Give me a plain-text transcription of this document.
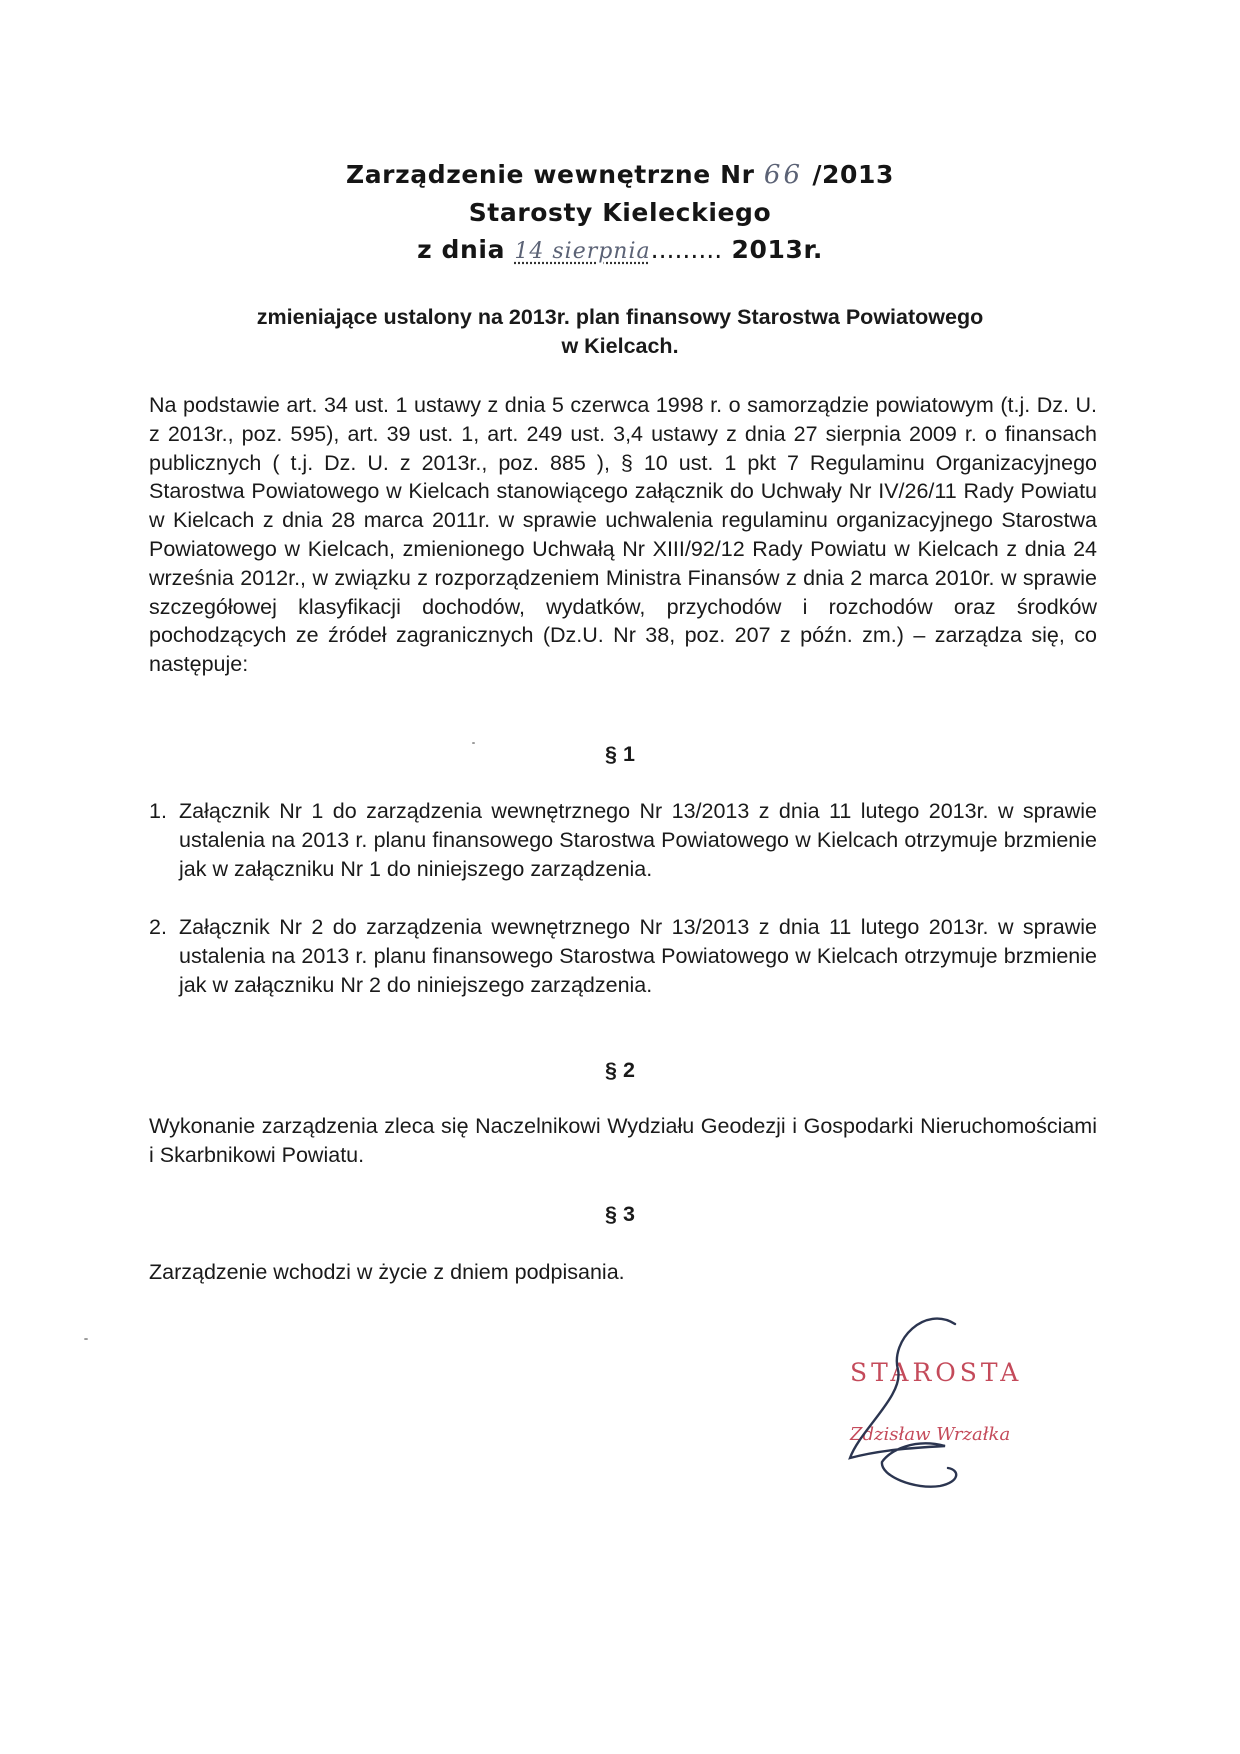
Zarządzenie wewnętrzne Nr 66 /2013
Starosty Kieleckiego
z dnia 14 sierpnia......... 2013r.
zmieniające ustalony na 2013r. plan finansowy Starostwa Powiatowego
w Kielcach.
Na podstawie art. 34 ust. 1 ustawy z dnia 5 czerwca 1998 r. o samorządzie powiatowym (t.j. Dz. U. z 2013r., poz. 595), art. 39 ust. 1, art. 249 ust. 3,4 ustawy z dnia 27 sierpnia 2009 r. o finansach publicznych ( t.j. Dz. U. z 2013r., poz. 885 ), § 10 ust. 1 pkt 7 Regulaminu Organizacyjnego Starostwa Powiatowego w Kielcach stanowiącego załącznik do Uchwały Nr IV/26/11 Rady Powiatu w Kielcach z dnia 28 marca 2011r. w sprawie uchwalenia regulaminu organizacyjnego Starostwa Powiatowego w Kielcach, zmienionego Uchwałą Nr XIII/92/12 Rady Powiatu w Kielcach z dnia 24 września 2012r., w związku z rozporządzeniem Ministra Finansów z dnia 2 marca 2010r. w sprawie szczegółowej klasyfikacji dochodów, wydatków, przychodów i rozchodów oraz środków pochodzących ze źródeł zagranicznych (Dz.U. Nr 38, poz. 207 z późn. zm.) – zarządza się, co następuje:
§ 1
1. Załącznik Nr 1 do zarządzenia wewnętrznego Nr 13/2013 z dnia 11 lutego 2013r. w sprawie ustalenia na 2013 r. planu finansowego Starostwa Powiatowego w Kielcach otrzymuje brzmienie jak w załączniku Nr 1 do niniejszego zarządzenia.
2. Załącznik Nr 2 do zarządzenia wewnętrznego Nr 13/2013 z dnia 11 lutego 2013r. w sprawie ustalenia na 2013 r. planu finansowego Starostwa Powiatowego w Kielcach otrzymuje brzmienie jak w załączniku Nr 2 do niniejszego zarządzenia.
§ 2
Wykonanie zarządzenia zleca się Naczelnikowi Wydziału Geodezji i Gospodarki Nieruchomościami i Skarbnikowi Powiatu.
§ 3
Zarządzenie wchodzi w życie z dniem podpisania.
STAROSTA
Zdzisław Wrzałka
